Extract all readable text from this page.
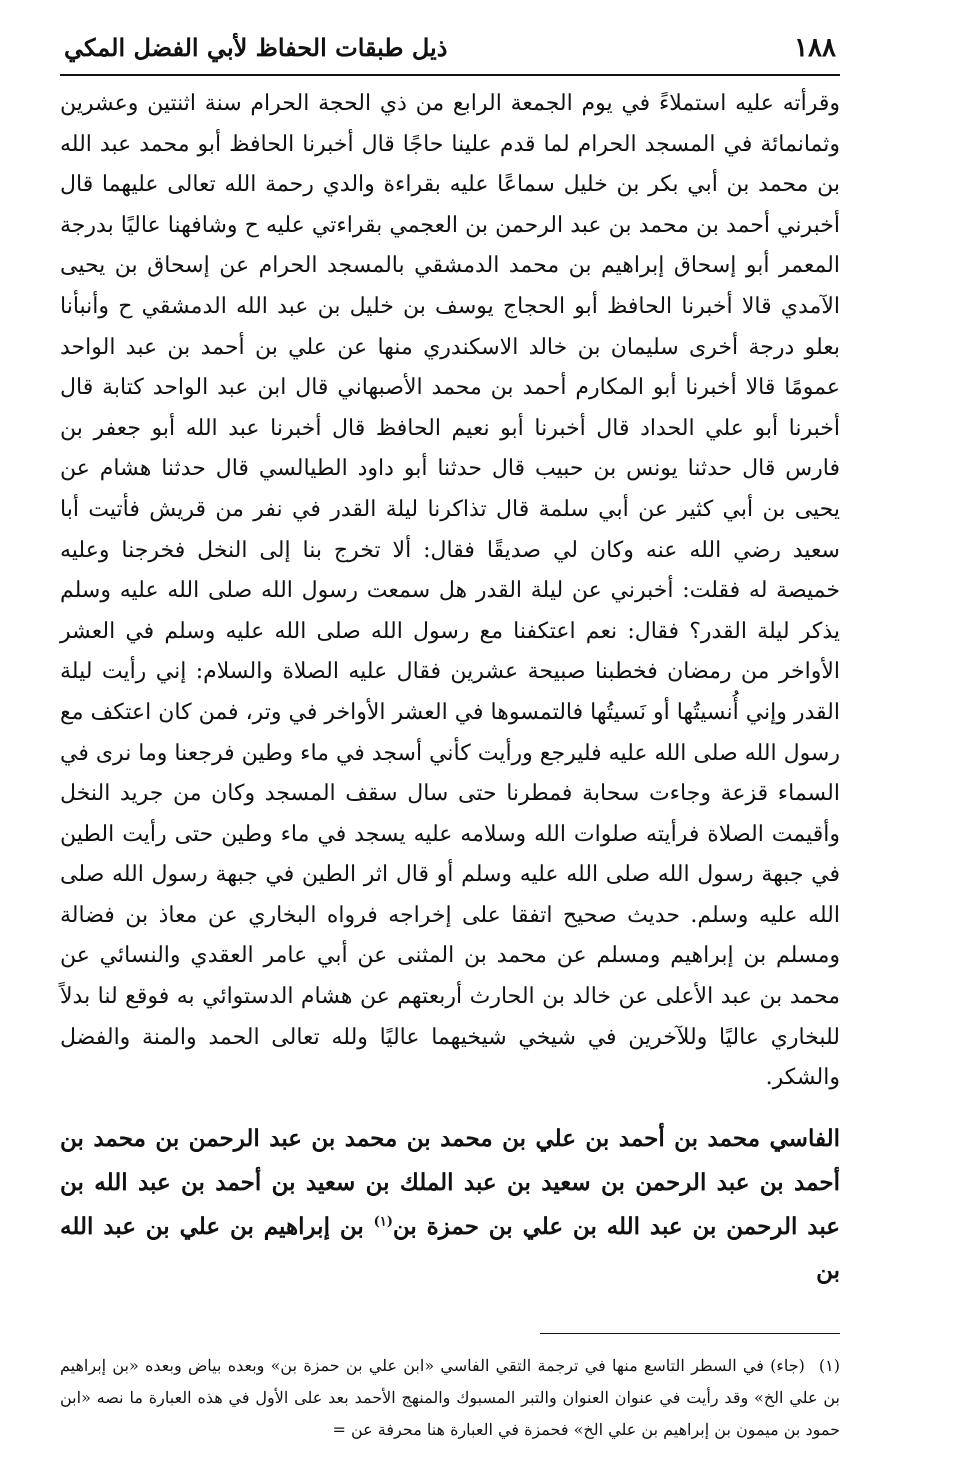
١٨٨
ذيل طبقات الحفاظ لأبي الفضل المكي

وقرأته عليه استملاءً في يوم الجمعة الرابع من ذي الحجة الحرام سنة اثنتين وعشرين وثمانمائة في المسجد الحرام لما قدم علينا حاجًا قال أخبرنا الحافظ أبو محمد عبد الله بن محمد بن أبي بكر بن خليل سماعًا عليه بقراءة والدي رحمة الله تعالى عليهما قال أخبرني أحمد بن محمد بن عبد الرحمن بن العجمي بقراءتي عليه ح وشافهنا عاليًا بدرجة المعمر أبو إسحاق إبراهيم بن محمد الدمشقي بالمسجد الحرام عن إسحاق بن يحيى الآمدي قالا أخبرنا الحافظ أبو الحجاج يوسف بن خليل بن عبد الله الدمشقي ح وأنبأنا بعلو درجة أخرى سليمان بن خالد الاسكندري منها عن علي بن أحمد بن عبد الواحد عمومًا قالا أخبرنا أبو المكارم أحمد بن محمد الأصبهاني قال ابن عبد الواحد كتابة قال أخبرنا أبو علي الحداد قال أخبرنا أبو نعيم الحافظ قال أخبرنا عبد الله أبو جعفر بن فارس قال حدثنا يونس بن حبيب قال حدثنا أبو داود الطيالسي قال حدثنا هشام عن يحيى بن أبي كثير عن أبي سلمة قال تذاكرنا ليلة القدر في نفر من قريش فأتيت أبا سعيد رضي الله عنه وكان لي صديقًا فقال: ألا تخرج بنا إلى النخل فخرجنا وعليه خميصة له فقلت: أخبرني عن ليلة القدر هل سمعت رسول الله صلى الله عليه وسلم يذكر ليلة القدر؟ فقال: نعم اعتكفنا مع رسول الله صلى الله عليه وسلم في العشر الأواخر من رمضان فخطبنا صبيحة عشرين فقال عليه الصلاة والسلام: إني رأيت ليلة القدر وإني أُنسيتُها أو نَسيتُها فالتمسوها في العشر الأواخر في وتر، فمن كان اعتكف مع رسول الله صلى الله عليه فليرجع ورأيت كأني أسجد في ماء وطين فرجعنا وما نرى في السماء قزعة وجاءت سحابة فمطرنا حتى سال سقف المسجد وكان من جريد النخل وأقيمت الصلاة فرأيته صلوات الله وسلامه عليه يسجد في ماء وطين حتى رأيت الطين في جبهة رسول الله صلى الله عليه وسلم أو قال اثر الطين في جبهة رسول الله صلى الله عليه وسلم. حديث صحيح اتفقا على إخراجه فرواه البخاري عن معاذ بن فضالة ومسلم بن إبراهيم ومسلم عن محمد بن المثنى عن أبي عامر العقدي والنسائي عن محمد بن عبد الأعلى عن خالد بن الحارث أربعتهم عن هشام الدستوائي به فوقع لنا بدلاً للبخاري عاليًا وللآخرين في شيخي شيخيهما عاليًا ولله تعالى الحمد والمنة والفضل والشكر.

الفاسي محمد بن أحمد بن علي بن محمد بن محمد بن عبد الرحمن بن محمد بن أحمد بن عبد الرحمن بن سعيد بن عبد الملك بن سعيد بن أحمد بن عبد الله بن عبد الرحمن بن عبد الله بن علي بن حمزة بن$^{(١)}$ بن إبراهيم بن علي بن عبد الله بن

(١)(جاء) في السطر التاسع منها في ترجمة التقي الفاسي «ابن علي بن حمزة بن» وبعده بياض وبعده «بن إبراهيم بن علي الخ» وقد رأيت في عنوان العنوان والتبر المسبوك والمنهج الأحمد بعد على الأول في هذه العبارة ما نصه «ابن حمود بن ميمون بن إبراهيم بن علي الخ» فحمزة في العبارة هنا محرفة عن =
